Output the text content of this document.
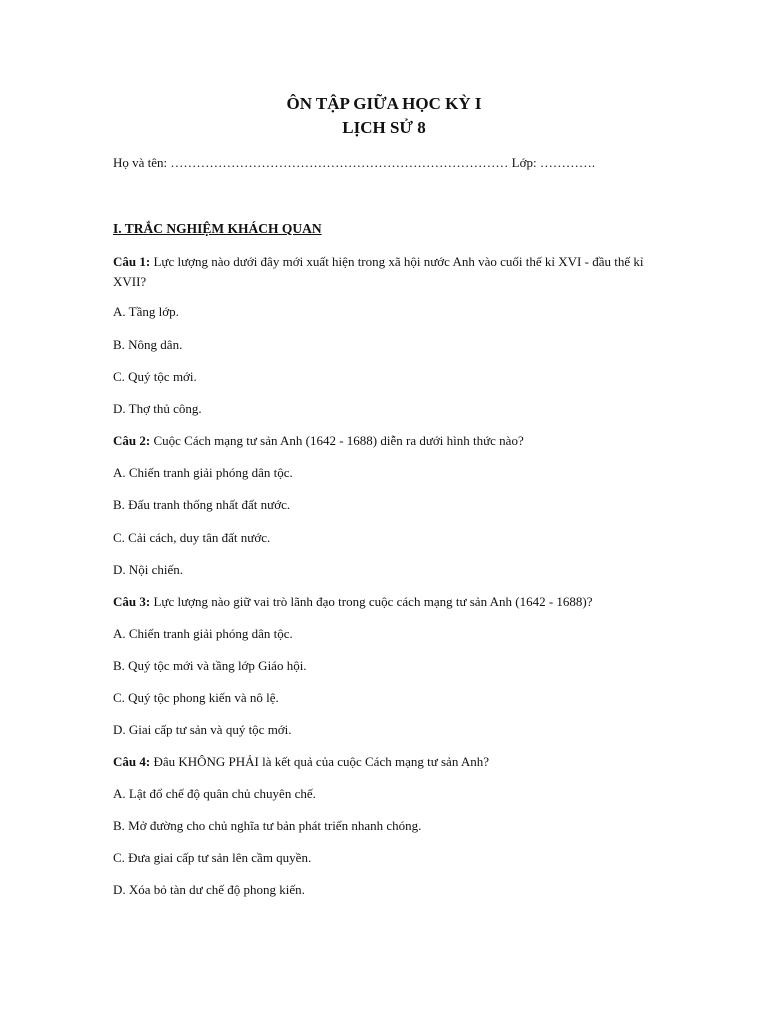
ÔN TẬP GIỮA HỌC KỲ I

LỊCH SỬ 8

Họ và tên: …………………………………………………………………… Lớp: ………….
I. TRẮC NGHIỆM KHÁCH QUAN
Câu 1: Lực lượng nào dưới đây mới xuất hiện trong xã hội nước Anh vào cuối thế kỉ XVI - đầu thế kỉ XVII?
A. Tầng lớp.
B. Nông dân.
C. Quý tộc mới.
D. Thợ thủ công.
Câu 2: Cuộc Cách mạng tư sản Anh (1642 - 1688) diễn ra dưới hình thức nào?
A. Chiến tranh giải phóng dân tộc.
B. Đấu tranh thống nhất đất nước.
C. Cải cách, duy tân đất nước.
D. Nội chiến.
Câu 3: Lực lượng nào giữ vai trò lãnh đạo trong cuộc cách mạng tư sản Anh (1642 - 1688)?
A. Chiến tranh giải phóng dân tộc.
B. Quý tộc mới và tầng lớp Giáo hội.
C. Quý tộc phong kiến và nô lệ.
D. Giai cấp tư sản và quý tộc mới.
Câu 4: Đâu KHÔNG PHẢI là kết quả của cuộc Cách mạng tư sản Anh?
A. Lật đổ chế độ quân chủ chuyên chế.
B. Mở đường cho chủ nghĩa tư bản phát triển nhanh chóng.
C. Đưa giai cấp tư sản lên cầm quyền.
D. Xóa bỏ tàn dư chế độ phong kiến.
